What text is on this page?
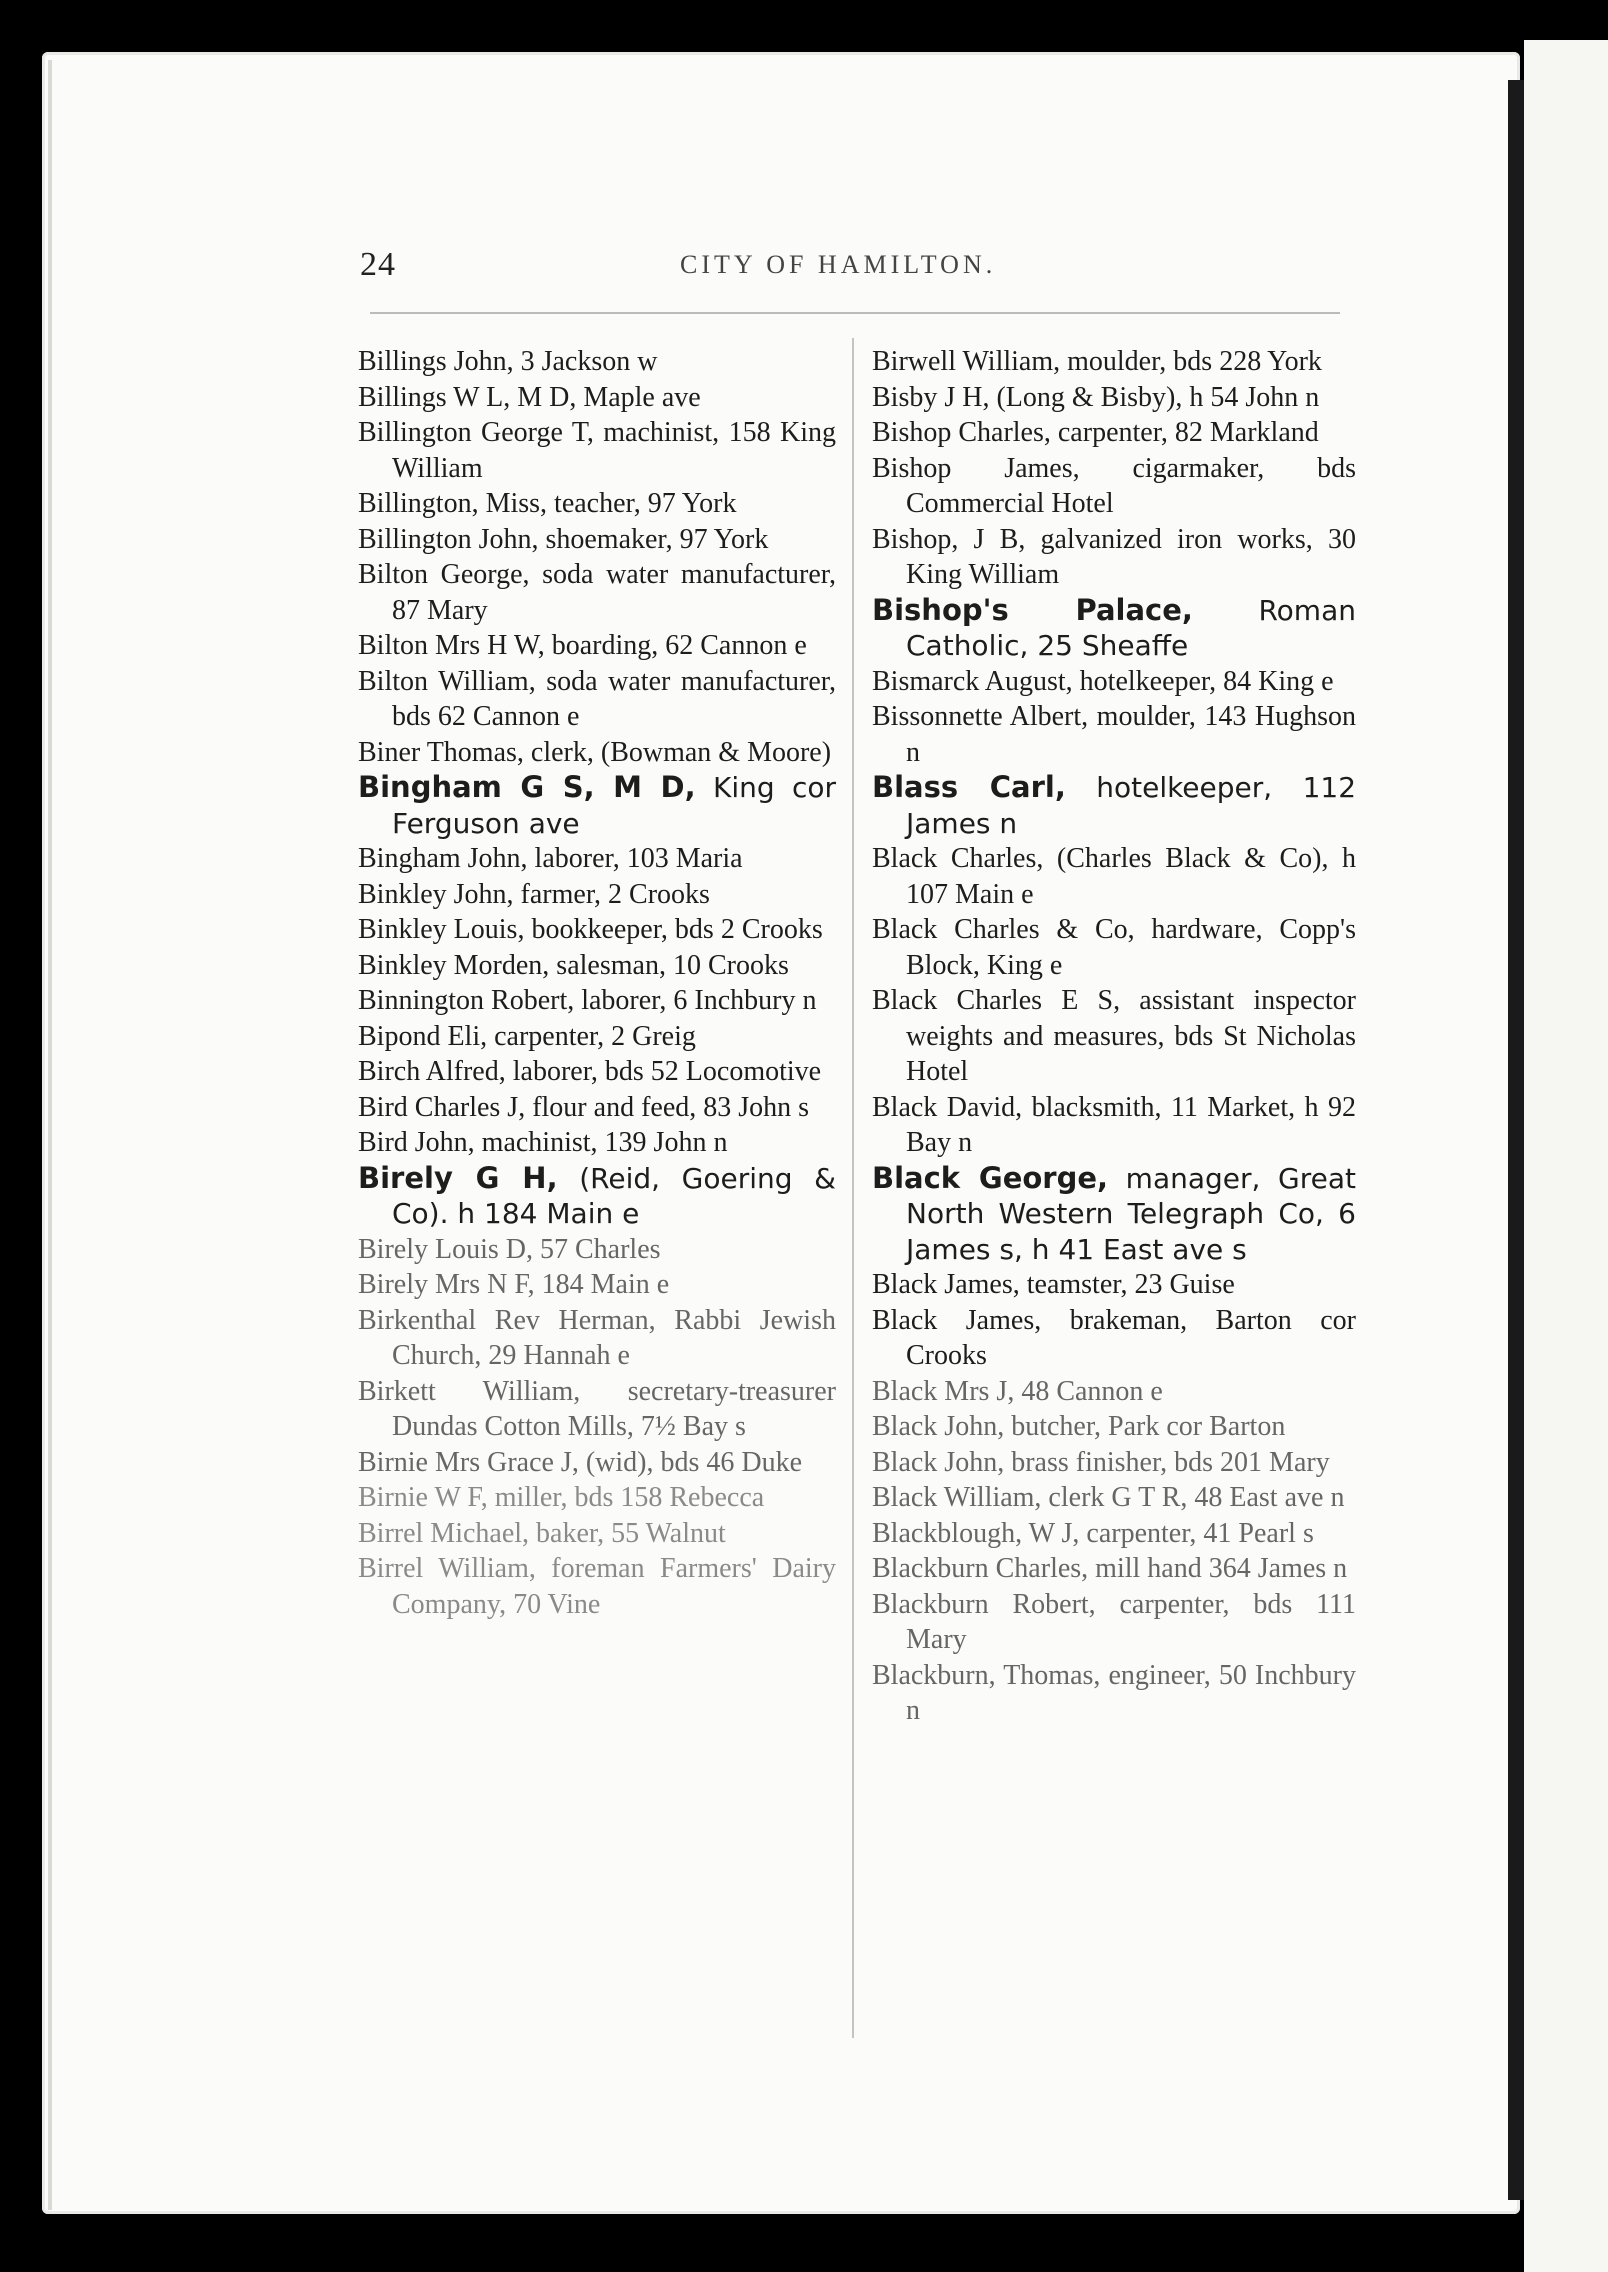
24	CITY OF HAMILTON.
Billings John, 3 Jackson w
Billings W L, M D, Maple ave
Billington George T, machinist, 158 King William
Billington, Miss, teacher, 97 York
Billington John, shoemaker, 97 York
Bilton George, soda water manufacturer, 87 Mary
Bilton Mrs H W, boarding, 62 Cannon e
Bilton William, soda water manufacturer, bds 62 Cannon e
Biner Thomas, clerk, (Bowman & Moore)
Bingham G S, M D, King cor Ferguson ave
Bingham John, laborer, 103 Maria
Binkley John, farmer, 2 Crooks
Binkley Louis, bookkeeper, bds 2 Crooks
Binkley Morden, salesman, 10 Crooks
Binnington Robert, laborer, 6 Inchbury n
Bipond Eli, carpenter, 2 Greig
Birch Alfred, laborer, bds 52 Locomotive
Bird Charles J, flour and feed, 83 John s
Bird John, machinist, 139 John n
Birely G H, (Reid, Goering & Co). h 184 Main e
Birely Louis D, 57 Charles
Birely Mrs N F, 184 Main e
Birkenthal Rev Herman, Rabbi Jewish Church, 29 Hannah e
Birkett William, secretary-treasurer Dundas Cotton Mills, 7½ Bay s
Birnie Mrs Grace J, (wid), bds 46 Duke
Birnie W F, miller, bds 158 Rebecca
Birrel Michael, baker, 55 Walnut
Birrel William, foreman Farmers' Dairy Company, 70 Vine
Birwell William, moulder, bds 228 York
Bisby J H, (Long & Bisby), h 54 John n
Bishop Charles, carpenter, 82 Markland
Bishop James, cigarmaker, bds Commercial Hotel
Bishop, J B, galvanized iron works, 30 King William
Bishop's Palace, Roman Catholic, 25 Sheaffe
Bismarck August, hotelkeeper, 84 King e
Bissonnette Albert, moulder, 143 Hughson n
Blass Carl, hotelkeeper, 112 James n
Black Charles, (Charles Black & Co), h 107 Main e
Black Charles & Co, hardware, Copp's Block, King e
Black Charles E S, assistant inspector weights and measures, bds St Nicholas Hotel
Black David, blacksmith, 11 Market, h 92 Bay n
Black George, manager, Great North Western Telegraph Co, 6 James s, h 41 East ave s
Black James, teamster, 23 Guise
Black James, brakeman, Barton cor Crooks
Black Mrs J, 48 Cannon e
Black John, butcher, Park cor Barton
Black John, brass finisher, bds 201 Mary
Black William, clerk G T R, 48 East ave n
Blackblough, W J, carpenter, 41 Pearl s
Blackburn Charles, mill hand 364 James n
Blackburn Robert, carpenter, bds 111 Mary
Blackburn, Thomas, engineer, 50 Inchbury n
